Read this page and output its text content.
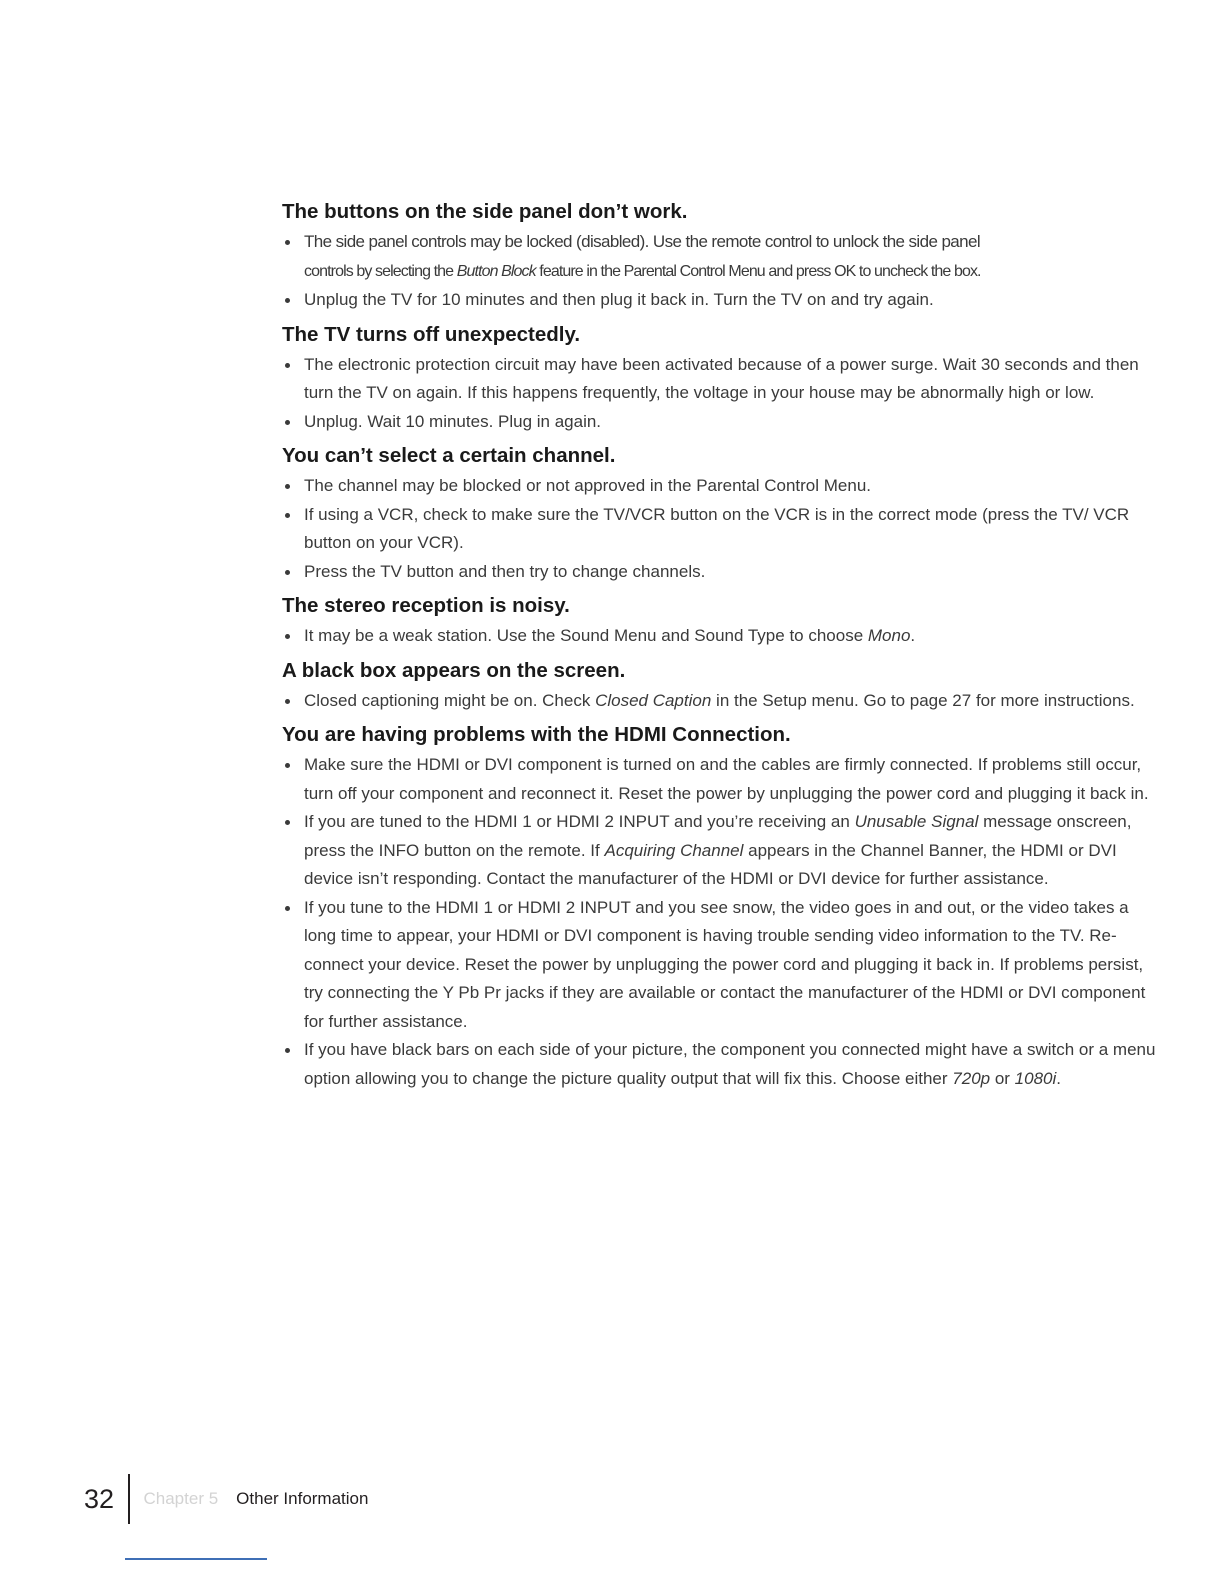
The buttons on the side panel don’t work.
The side panel controls may be locked (disabled). Use the remote control to unlock the side panel
controls by selecting the Button Block feature in the Parental Control Menu and press OK to uncheck the box.
Unplug the TV for 10 minutes and then plug it back in. Turn the TV on and try again.
The TV turns off unexpectedly.
The electronic protection circuit may have been activated because of a power surge. Wait 30 seconds and then turn the TV on again. If this happens frequently, the voltage in your house may be abnormally high or low.
Unplug. Wait 10 minutes. Plug in again.
You can’t select a certain channel.
The channel may be blocked or not approved in the Parental Control Menu.
If using a VCR, check to make sure the TV/VCR button on the VCR is in the correct mode (press the TV/ VCR button on your VCR).
Press the TV button and then try to change channels.
The stereo reception is noisy.
It may be a weak station. Use the Sound Menu and Sound Type to choose Mono.
A black box appears on the screen.
Closed captioning might be on. Check Closed Caption in the Setup menu. Go to page 27 for more instructions.
You are having problems with the HDMI Connection.
Make sure the HDMI or DVI component is turned on and the cables are firmly connected. If problems still occur, turn off your component and reconnect it. Reset the power by unplugging the power cord and plugging it back in.
If you are tuned to the HDMI 1 or HDMI 2 INPUT and you’re receiving an Unusable Signal message onscreen, press the INFO button on the remote. If Acquiring Channel appears in the Channel Banner, the HDMI or DVI device isn’t responding. Contact the manufacturer of the HDMI or DVI device for further assistance.
If you tune to the HDMI 1 or HDMI 2 INPUT and you see snow, the video goes in and out, or the video takes a long time to appear, your HDMI or DVI component is having trouble sending video information to the TV. Re-connect your device. Reset the power by unplugging the power cord and plugging it back in. If problems persist, try connecting the Y Pb Pr jacks if they are available or contact the manufacturer of the HDMI or DVI component for further assistance.
If you have black bars on each side of your picture, the component you connected might have a switch or a menu option allowing you to change the picture quality output that will fix this. Choose either 720p or 1080i.
32	Chapter 5 Other Information
